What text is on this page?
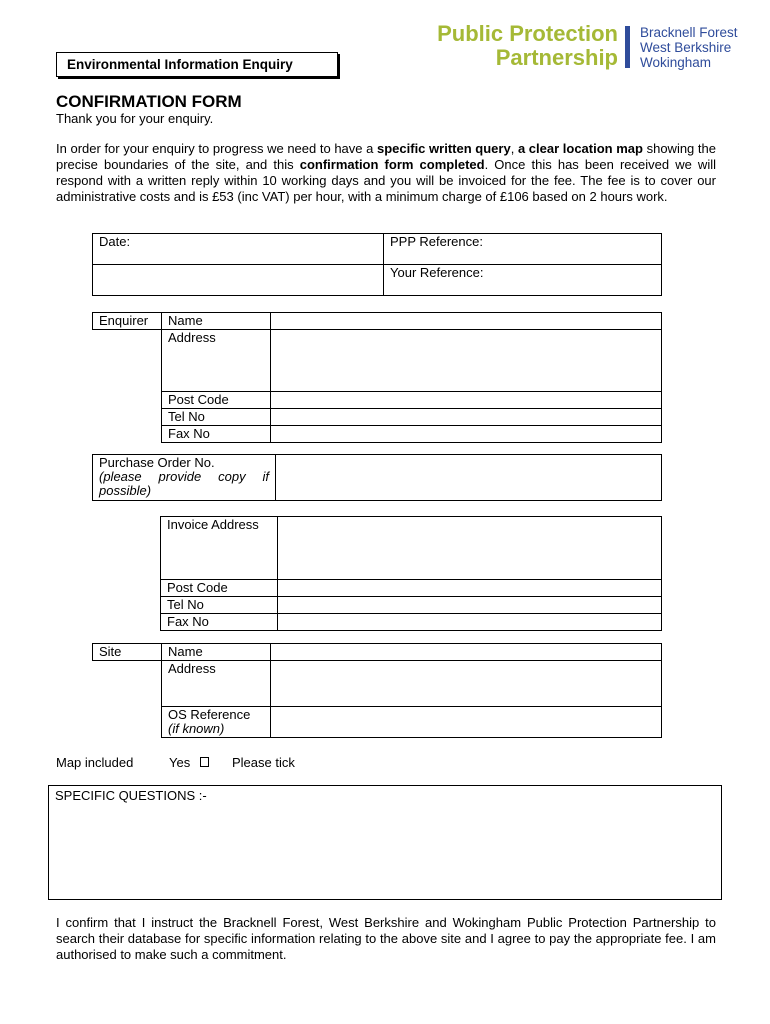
Environmental Information Enquiry
Public Protection
Partnership
Bracknell Forest
West Berkshire
Wokingham
CONFIRMATION FORM
Thank you for your enquiry.
In order for your enquiry to progress we need to have a specific written query, a clear location map showing the precise boundaries of the site, and this confirmation form completed. Once this has been received we will respond with a written reply within 10 working days and you will be invoiced for the fee. The fee is to cover our administrative costs and is £53 (inc VAT) per hour, with a minimum charge of £106 based on 2 hours work.
Date:	PPP Reference:
	Your Reference:
Enquirer	Name	
	Address	
	Post Code	
	Tel No	
	Fax No	
Purchase Order No.
(please provide copy if possible)

Invoice Address	
Post Code	
Tel No	
Fax No	
Site	Name	
	Address	

	OS Reference
(if known)	

Map included	Yes	Please tick
SPECIFIC QUESTIONS :-
I confirm that I instruct the Bracknell Forest, West Berkshire and Wokingham Public Protection Partnership to search their database for specific information relating to the above site and I agree to pay the appropriate fee. I am authorised to make such a commitment.
